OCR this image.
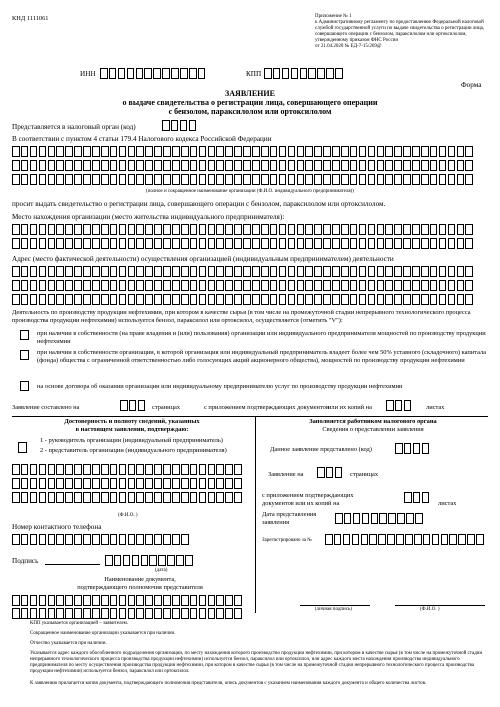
КНД 1111061	Приложение № 1
к Административному регламенту по предоставлению Федеральной налоговой
службой государственной услуги по выдаче свидетельства о регистрации лица,
совершающего операции с бензолом, параксилолом или ортоксилолом,
утвержденному приказом ФНС России
от 21.04.2020 № ЕД-7-15/269@
Форма
ИНН	КПП
ЗАЯВЛЕНИЕ
о выдаче свидетельства о регистрации лица, совершающего операции
с бензолом, параксилолом или ортоксилолом
Представляется в налоговый орган (код)
В соответствии с пунктом 4 статьи 179.4 Налогового кодекса Российской Федерации
(полное и сокращенное наименование организации (Ф.И.О. индивидуального предпринимателя))
просит выдать свидетельство о регистрации лица, совершающего операции с бензолом, параксилолом или ортоксилолом.
Место нахождения организации (место жительства индивидуального предпринимателя):
Адрес (место фактической деятельности) осуществления организацией (индивидуальным предпринимателем) деятельности
Деятельность по производству продукции нефтехимии, при котором в качестве сырья (в том числе на промежуточной стадии непрерывного технологического процесса производства продукции нефтехимии) используется бензол, параксилол или ортоксилол, осуществляется (отметить "V"):
при наличии в собственности (на праве владения и (или) пользования) организации или индивидуального предпринимателя мощностей по производству продукции нефтехимии
при наличии в собственности организации, в которой организация или индивидуальный предприниматель владеет более чем 50% уставного (складочного) капитала (фонда) общества с ограниченной ответственностью либо голосующих акций акционерного общества), мощностей по производству продукции нефтехимии
на основе договора об оказании организации или индивидуальному предпринимателю услуг по производству продукции нефтехимии
Заявление составлено на	страницах	с приложением подтверждающих документов или их копий на	листах
Достоверность и полноту сведений, указанных
в настоящем заявлении, подтверждаю:
1 - руководитель организации (индивидуальный предприниматель)
2 - представитель организации (индивидуального предпринимателя)
(Ф.И.О. )
Номер контактного телефона
Подпись
(дата)
Наименование документа,
подтверждающего полномочия представителя
Заполняется работником налогового органа
Сведения о представлении заявления
Данное заявление представлено (код)
Заявление на	страницах
с приложением подтверждающих
документов или их копий на	листах
Дата представления
заявления
Зарегистрировано за №
(личная подпись)	(Ф.И.О. )
КПП указывается организацией – заявителем.
Сокращенное наименование организации указывается при наличии.
Отчество указывается при наличии.
Указывается адрес каждого обособленного подразделения организации, по месту нахождения которого производство продукции нефтехимии, при котором в качестве сырья (в том числе на промежуточной стадии непрерывного технологического процесса производства продукции нефтехимии) используется бензол, параксилол или ортоксилол, или адрес каждого места нахождения производства индивидуального предпринимателя по месту осуществления производства продукции нефтехимии, при котором в качестве сырья (в том числе на промежуточной стадии непрерывного технологического процесса производства продукции нефтехимии) используется бензол, параксилол или ортоксилол.
К заявлению прилагается копия документа, подтверждающего полномочия представителя, опись документов с указанием наименования каждого документа и общего количества листов.
